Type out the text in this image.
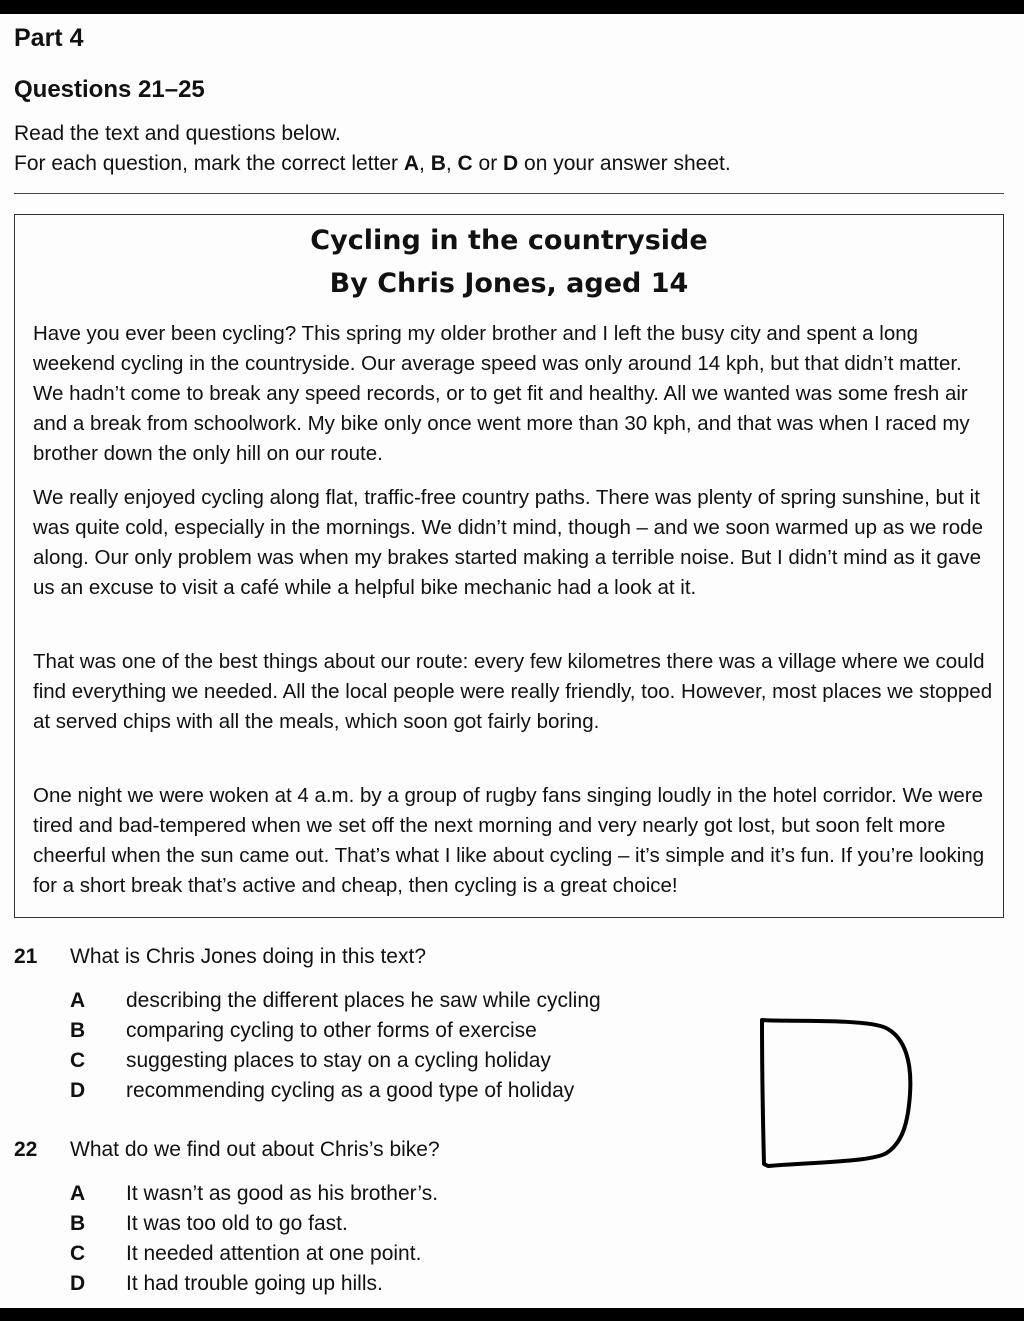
Part 4
Questions 21–25
Read the text and questions below.
For each question, mark the correct letter A, B, C or D on your answer sheet.
Cycling in the countryside
By Chris Jones, aged 14

Have you ever been cycling? This spring my older brother and I left the busy city and spent a long weekend cycling in the countryside. Our average speed was only around 14 kph, but that didn’t matter. We hadn’t come to break any speed records, or to get fit and healthy. All we wanted was some fresh air and a break from schoolwork. My bike only once went more than 30 kph, and that was when I raced my brother down the only hill on our route.

We really enjoyed cycling along flat, traffic-free country paths. There was plenty of spring sunshine, but it was quite cold, especially in the mornings. We didn’t mind, though – and we soon warmed up as we rode along. Our only problem was when my brakes started making a terrible noise. But I didn’t mind as it gave us an excuse to visit a café while a helpful bike mechanic had a look at it.

That was one of the best things about our route: every few kilometres there was a village where we could find everything we needed. All the local people were really friendly, too. However, most places we stopped at served chips with all the meals, which soon got fairly boring.

One night we were woken at 4 a.m. by a group of rugby fans singing loudly in the hotel corridor. We were tired and bad-tempered when we set off the next morning and very nearly got lost, but soon felt more cheerful when the sun came out. That’s what I like about cycling – it’s simple and it’s fun. If you’re looking for a short break that’s active and cheap, then cycling is a great choice!

21 What is Chris Jones doing in this text?
A describing the different places he saw while cycling
B comparing cycling to other forms of exercise
C suggesting places to stay on a cycling holiday
D recommending cycling as a good type of holiday
22 What do we find out about Chris’s bike?
A It wasn’t as good as his brother’s.
B It was too old to go fast.
C It needed attention at one point.
D It had trouble going up hills.
